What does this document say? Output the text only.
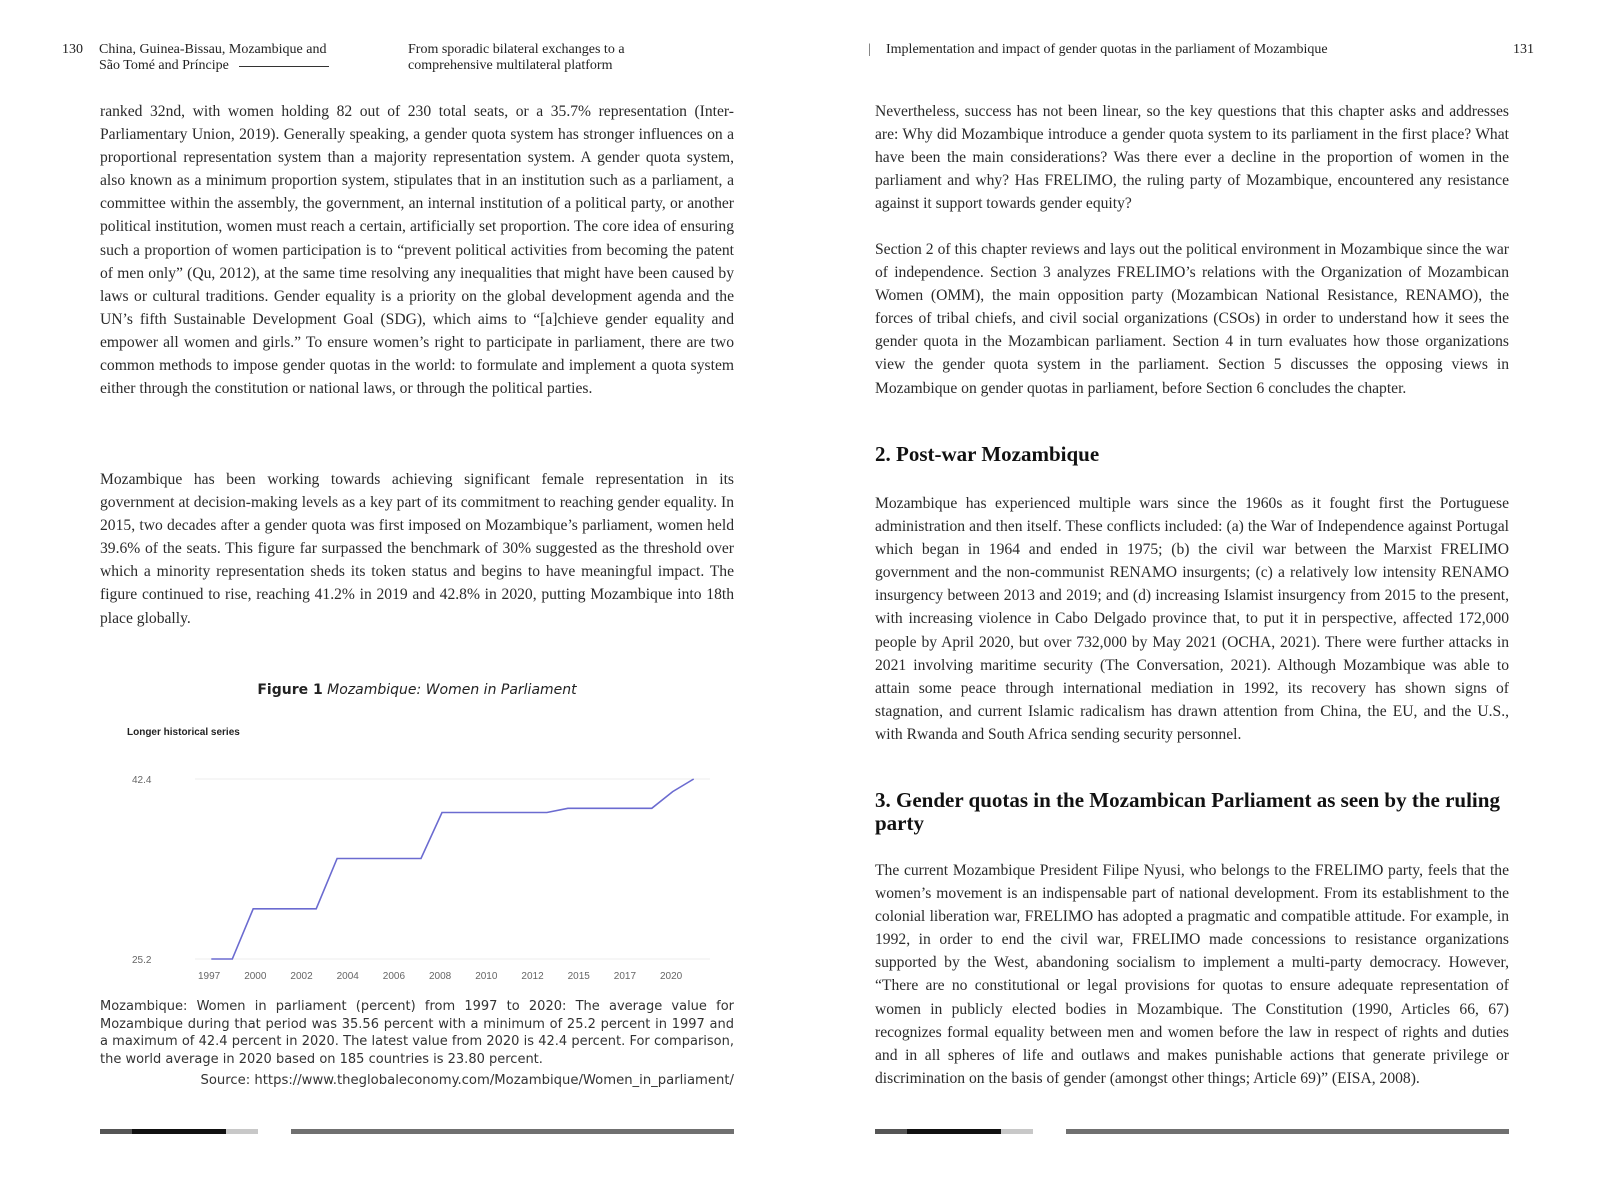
130 China, Guinea-Bissau, Mozambique and
São Tomé and Príncipe
From sporadic bilateral exchanges to a
comprehensive multilateral platform
ranked 32nd, with women holding 82 out of 230 total seats, or a 35.7% representation (Inter-Parliamentary Union, 2019). Generally speaking, a gender quota system has stronger influences on a proportional representation system than a majority representation system. A gender quota system, also known as a minimum proportion system, stipulates that in an institution such as a parliament, a committee within the assembly, the government, an internal institution of a political party, or another political institution, women must reach a certain, artificially set proportion. The core idea of ensuring such a proportion of women participation is to “prevent political activities from becoming the patent of men only” (Qu, 2012), at the same time resolving any inequalities that might have been caused by laws or cultural traditions. Gender equality is a priority on the global development agenda and the UN’s fifth Sustainable Development Goal (SDG), which aims to “[a]chieve gender equality and empower all women and girls.” To ensure women’s right to participate in parliament, there are two common methods to impose gender quotas in the world: to formulate and implement a quota system either through the constitution or national laws, or through the political parties.
Mozambique has been working towards achieving significant female representation in its government at decision-making levels as a key part of its commitment to reaching gender equality. In 2015, two decades after a gender quota was first imposed on Mozambique’s parliament, women held 39.6% of the seats. This figure far surpassed the benchmark of 30% suggested as the threshold over which a minority representation sheds its token status and begins to have meaningful impact. The figure continued to rise, reaching 41.2% in 2019 and 42.8% in 2020, putting Mozambique into 18th place globally.
Figure 1 Mozambique: Women in Parliament
Longer historical series
25.2
42.4
1997 2000 2002 2004 2006 2008 2010 2012 2015 2017 2020
Mozambique: Women in parliament (percent) from 1997 to 2020: The average value for Mozambique during that period was 35.56 percent with a minimum of 25.2 percent in 1997 and a maximum of 42.4 percent in 2020. The latest value from 2020 is 42.4 percent. For comparison, the world average in 2020 based on 185 countries is 23.80 percent.
Source: https://www.theglobaleconomy.com/Mozambique/Women_in_parliament/
| Implementation and impact of gender quotas in the parliament of Mozambique	131
Nevertheless, success has not been linear, so the key questions that this chapter asks and addresses are: Why did Mozambique introduce a gender quota system to its parliament in the first place? What have been the main considerations? Was there ever a decline in the proportion of women in the parliament and why? Has FRELIMO, the ruling party of Mozambique, encountered any resistance against it support towards gender equity?
Section 2 of this chapter reviews and lays out the political environment in Mozambique since the war of independence. Section 3 analyzes FRELIMO’s relations with the Organization of Mozambican Women (OMM), the main opposition party (Mozambican National Resistance, RENAMO), the forces of tribal chiefs, and civil social organizations (CSOs) in order to understand how it sees the gender quota in the Mozambican parliament. Section 4 in turn evaluates how those organizations view the gender quota system in the parliament. Section 5 discusses the opposing views in Mozambique on gender quotas in parliament, before Section 6 concludes the chapter.
2. Post-war Mozambique
Mozambique has experienced multiple wars since the 1960s as it fought first the Portuguese administration and then itself. These conflicts included: (a) the War of Independence against Portugal which began in 1964 and ended in 1975; (b) the civil war between the Marxist FRELIMO government and the non-communist RENAMO insurgents; (c) a relatively low intensity RENAMO insurgency between 2013 and 2019; and (d) increasing Islamist insurgency from 2015 to the present, with increasing violence in Cabo Delgado province that, to put it in perspective, affected 172,000 people by April 2020, but over 732,000 by May 2021 (OCHA, 2021). There were further attacks in 2021 involving maritime security (The Conversation, 2021). Although Mozambique was able to attain some peace through international mediation in 1992, its recovery has shown signs of stagnation, and current Islamic radicalism has drawn attention from China, the EU, and the U.S., with Rwanda and South Africa sending security personnel.
3. Gender quotas in the Mozambican Parliament as seen by the ruling party
The current Mozambique President Filipe Nyusi, who belongs to the FRELIMO party, feels that the women’s movement is an indispensable part of national development. From its establishment to the colonial liberation war, FRELIMO has adopted a pragmatic and compatible attitude. For example, in 1992, in order to end the civil war, FRELIMO made concessions to resistance organizations supported by the West, abandoning socialism to implement a multi-party democracy. However, “There are no constitutional or legal provisions for quotas to ensure adequate representation of women in publicly elected bodies in Mozambique. The Constitution (1990, Articles 66, 67) recognizes formal equality between men and women before the law in respect of rights and duties and in all spheres of life and outlaws and makes punishable actions that generate privilege or discrimination on the basis of gender (amongst other things; Article 69)” (EISA, 2008).
